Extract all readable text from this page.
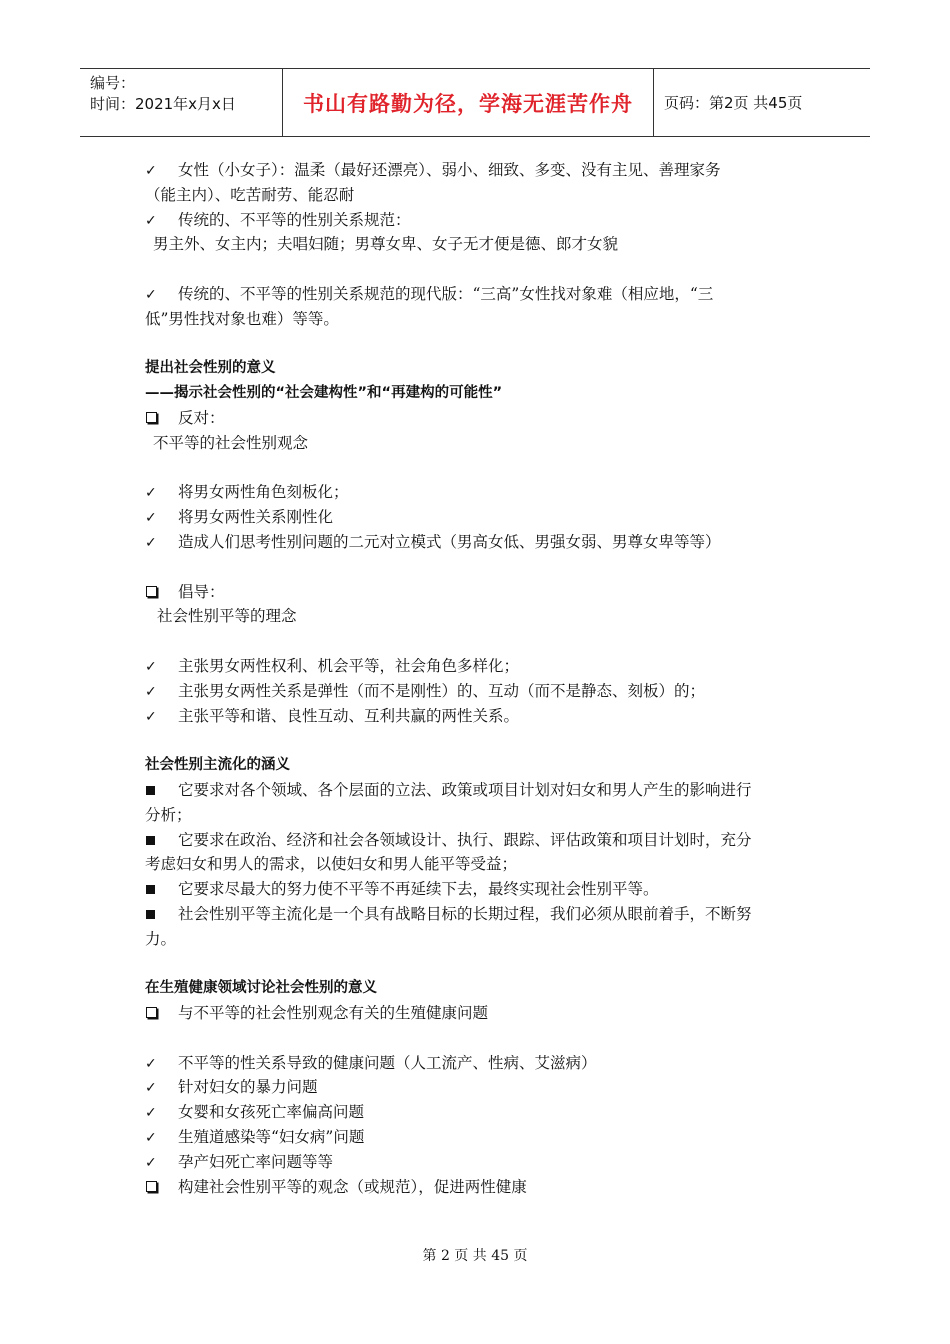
编号：
时间：2021年x月x日	书山有路勤为径，学海无涯苦作舟	页码：第2页 共45页
✓ 女性（小女子）：温柔（最好还漂亮）、弱小、细致、多变、没有主见、善理家务
（能主内）、吃苦耐劳、能忍耐
✓ 传统的、不平等的性别关系规范：
男主外、女主内；夫唱妇随；男尊女卑、女子无才便是德、郎才女貌
✓ 传统的、不平等的性别关系规范的现代版：“三高”女性找对象难（相应地，“三
低”男性找对象也难）等等。
提出社会性别的意义
——揭示社会性别的“社会建构性”和“再建构的可能性”
反对：
不平等的社会性别观念
✓ 将男女两性角色刻板化；
✓ 将男女两性关系刚性化
✓ 造成人们思考性别问题的二元对立模式（男高女低、男强女弱、男尊女卑等等）
倡导：
社会性别平等的理念
✓ 主张男女两性权利、机会平等，社会角色多样化；
✓ 主张男女两性关系是弹性（而不是刚性）的、互动（而不是静态、刻板）的；
✓ 主张平等和谐、良性互动、互利共赢的两性关系。
社会性别主流化的涵义
它要求对各个领域、各个层面的立法、政策或项目计划对妇女和男人产生的影响进行
分析；
它要求在政治、经济和社会各领域设计、执行、跟踪、评估政策和项目计划时，充分
考虑妇女和男人的需求，以使妇女和男人能平等受益；
它要求尽最大的努力使不平等不再延续下去，最终实现社会性别平等。
社会性别平等主流化是一个具有战略目标的长期过程，我们必须从眼前着手，不断努
力。
在生殖健康领域讨论社会性别的意义
与不平等的社会性别观念有关的生殖健康问题
✓ 不平等的性关系导致的健康问题（人工流产、性病、艾滋病）
✓ 针对妇女的暴力问题
✓ 女婴和女孩死亡率偏高问题
✓ 生殖道感染等“妇女病”问题
✓ 孕产妇死亡率问题等等
构建社会性别平等的观念（或规范），促进两性健康
第 2 页 共 45 页
